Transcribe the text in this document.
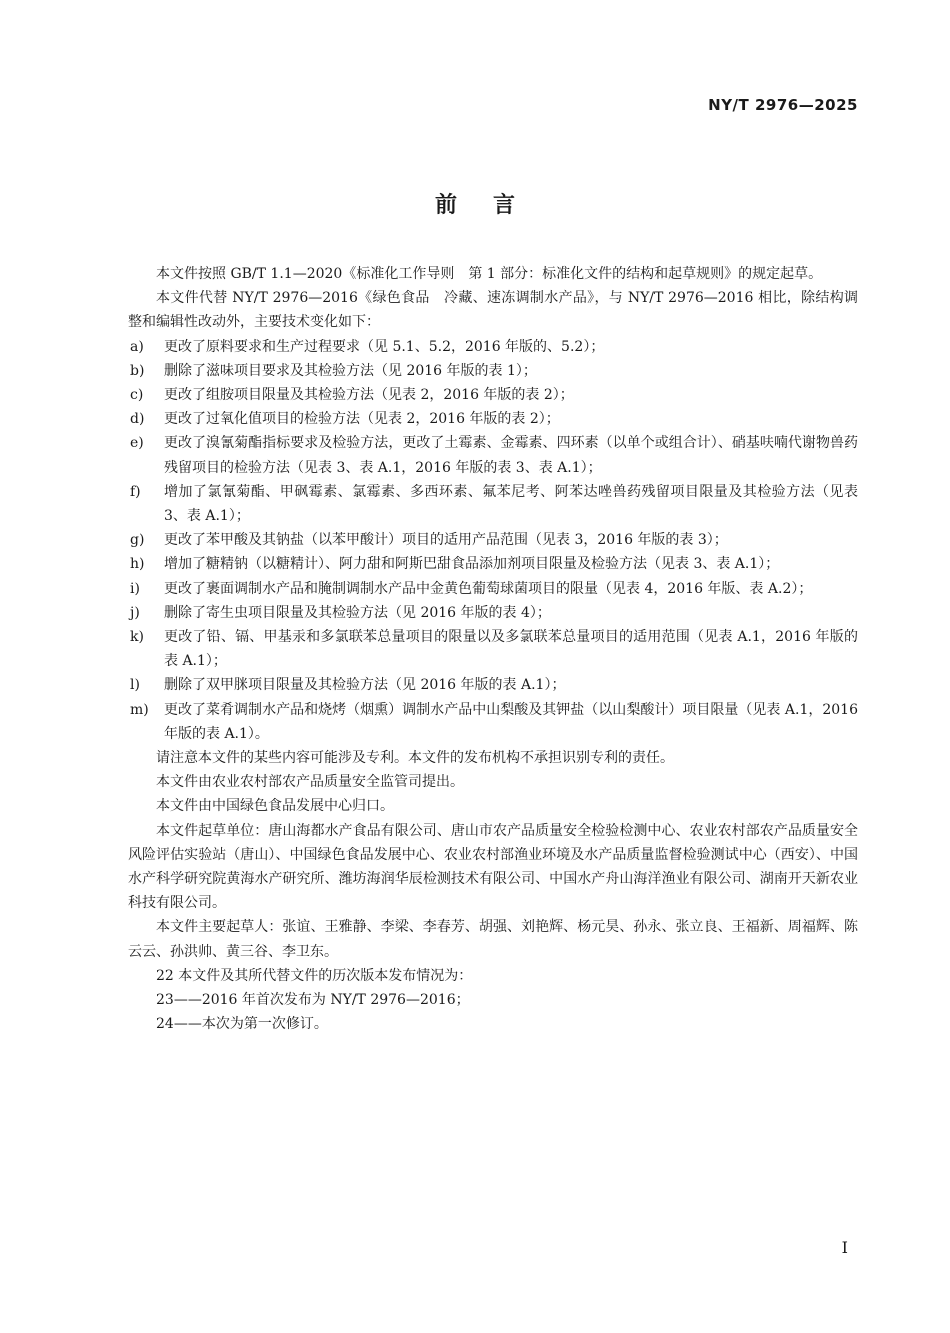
NY/T 2976—2025
前言

本文件按照 GB/T 1.1—2020《标准化工作导则　第 1 部分：标准化文件的结构和起草规则》的规定起草。

本文件代替 NY/T 2976—2016《绿色食品　冷藏、速冻调制水产品》，与 NY/T 2976—2016 相比，除结构调整和编辑性改动外，主要技术变化如下：

a)	更改了原料要求和生产过程要求（见 5.1、5.2，2016 年版的、5.2）；
b)	删除了滋味项目要求及其检验方法（见 2016 年版的表 1）；
c)	更改了组胺项目限量及其检验方法（见表 2，2016 年版的表 2）；
d)	更改了过氧化值项目的检验方法（见表 2，2016 年版的表 2）；
e)	更改了溴氰菊酯指标要求及检验方法，更改了土霉素、金霉素、四环素（以单个或组合计）、硝基呋喃代谢物兽药残留项目的检验方法（见表 3、表 A.1，2016 年版的表 3、表 A.1）；
f)	增加了氯氰菊酯、甲砜霉素、氯霉素、多西环素、氟苯尼考、阿苯达唑兽药残留项目限量及其检验方法（见表 3、表 A.1）；
g)	更改了苯甲酸及其钠盐（以苯甲酸计）项目的适用产品范围（见表 3，2016 年版的表 3）；
h)	增加了糖精钠（以糖精计）、阿力甜和阿斯巴甜食品添加剂项目限量及检验方法（见表 3、表 A.1）；
i)	更改了裹面调制水产品和腌制调制水产品中金黄色葡萄球菌项目的限量（见表 4，2016 年版、表 A.2）；
j)	删除了寄生虫项目限量及其检验方法（见 2016 年版的表 4）；
k)	更改了铅、镉、甲基汞和多氯联苯总量项目的限量以及多氯联苯总量项目的适用范围（见表 A.1，2016 年版的表 A.1）；
l)	删除了双甲脒项目限量及其检验方法（见 2016 年版的表 A.1）；
m)	更改了菜肴调制水产品和烧烤（烟熏）调制水产品中山梨酸及其钾盐（以山梨酸计）项目限量（见表 A.1，2016 年版的表 A.1）。

请注意本文件的某些内容可能涉及专利。本文件的发布机构不承担识别专利的责任。

本文件由农业农村部农产品质量安全监管司提出。

本文件由中国绿色食品发展中心归口。

本文件起草单位：唐山海都水产食品有限公司、唐山市农产品质量安全检验检测中心、农业农村部农产品质量安全风险评估实验站（唐山）、中国绿色食品发展中心、农业农村部渔业环境及水产品质量监督检验测试中心（西安）、中国水产科学研究院黄海水产研究所、潍坊海润华辰检测技术有限公司、中国水产舟山海洋渔业有限公司、湖南开天新农业科技有限公司。

本文件主要起草人：张谊、王雅静、李梁、李春芳、胡强、刘艳辉、杨元昊、孙永、张立良、王福新、周福辉、陈云云、孙洪帅、黄三谷、李卫东。

22 本文件及其所代替文件的历次版本发布情况为：

23——2016 年首次发布为 NY/T 2976—2016；

24——本次为第一次修订。

I
